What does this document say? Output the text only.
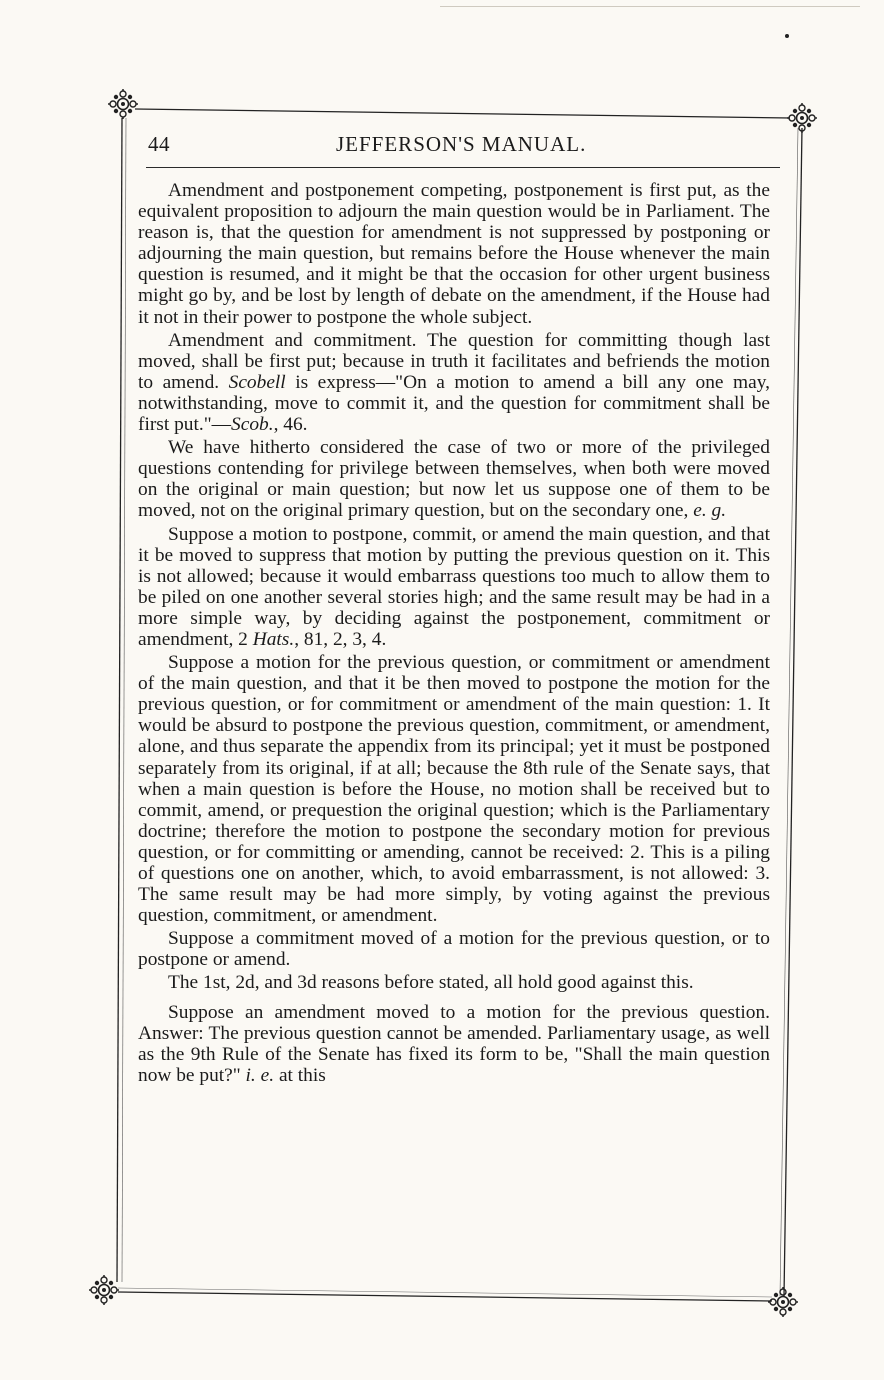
44	JEFFERSON'S MANUAL.

Amendment and postponement competing, postponement is first put, as the equivalent proposition to adjourn the main question would be in Parliament. The reason is, that the question for amendment is not suppressed by postponing or adjourning the main question, but remains before the House whenever the main question is resumed, and it might be that the occasion for other urgent business might go by, and be lost by length of debate on the amendment, if the House had it not in their power to postpone the whole subject.

Amendment and commitment. The question for committing though last moved, shall be first put; because in truth it facilitates and befriends the motion to amend. Scobell is express—"On a motion to amend a bill any one may, notwithstanding, move to commit it, and the question for commitment shall be first put."—Scob., 46.

We have hitherto considered the case of two or more of the privileged questions contending for privilege between themselves, when both were moved on the original or main question; but now let us suppose one of them to be moved, not on the original primary question, but on the secondary one, e. g.

Suppose a motion to postpone, commit, or amend the main question, and that it be moved to suppress that motion by putting the previous question on it. This is not allowed; because it would embarrass questions too much to allow them to be piled on one another several stories high; and the same result may be had in a more simple way, by deciding against the postponement, commitment or amendment, 2 Hats., 81, 2, 3, 4.

Suppose a motion for the previous question, or commitment or amendment of the main question, and that it be then moved to postpone the motion for the previous question, or for commitment or amendment of the main question: 1. It would be absurd to postpone the previous question, commitment, or amendment, alone, and thus separate the appendix from its principal; yet it must be postponed separately from its original, if at all; because the 8th rule of the Senate says, that when a main question is before the House, no motion shall be received but to commit, amend, or prequestion the original question; which is the Parliamentary doctrine; therefore the motion to postpone the secondary motion for previous question, or for committing or amending, cannot be received: 2. This is a piling of questions one on another, which, to avoid embarrassment, is not allowed: 3. The same result may be had more simply, by voting against the previous question, commitment, or amendment.

Suppose a commitment moved of a motion for the previous question, or to postpone or amend.

The 1st, 2d, and 3d reasons before stated, all hold good against this.

Suppose an amendment moved to a motion for the previous question. Answer: The previous question cannot be amended. Parliamentary usage, as well as the 9th Rule of the Senate has fixed its form to be, "Shall the main question now be put?" i. e. at this
